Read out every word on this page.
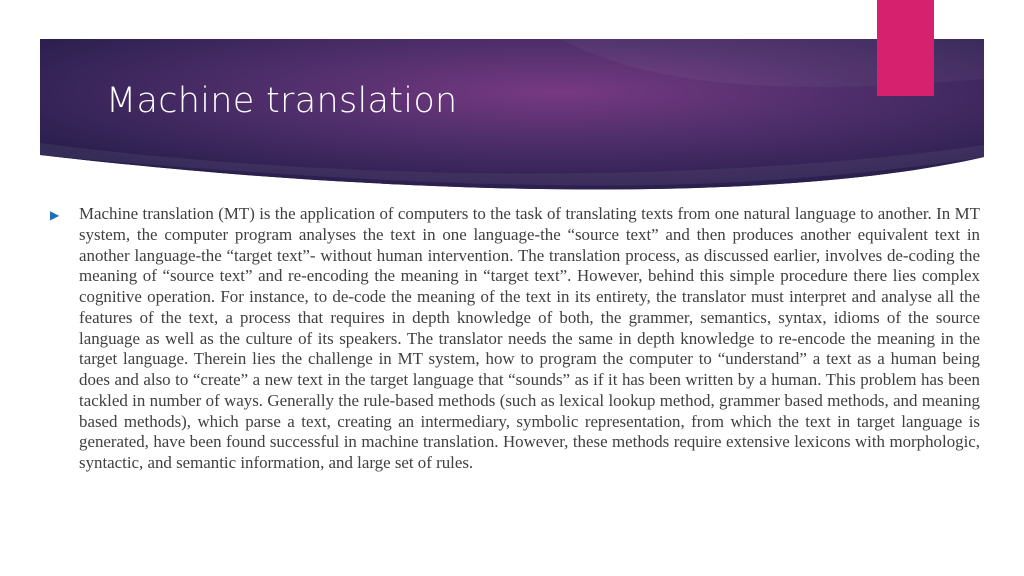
Machine translation
▶	Machine translation (MT) is the application of computers to the task of translating texts from one natural language to another. In MT system, the computer program analyses the text in one language-the “source text” and then produces another equivalent text in another language-the “target text”- without human intervention. The translation process, as discussed earlier, involves de-coding the meaning of “source text” and re-encoding the meaning in “target text”. However, behind this simple procedure there lies complex cognitive operation. For instance, to de-code the meaning of the text in its entirety, the translator must interpret and analyse all the features of the text, a process that requires in depth knowledge of both, the grammer, semantics, syntax, idioms of the source language as well as the culture of its speakers. The translator needs the same in depth knowledge to re-encode the meaning in the target language. Therein lies the challenge in MT system, how to program the computer to “understand” a text as a human being does and also to “create” a new text in the target language that “sounds” as if it has been written by a human. This problem has been tackled in number of ways. Generally the rule-based methods (such as lexical lookup method, grammer based methods, and meaning based methods), which parse a text, creating an intermediary, symbolic representation, from which the text in target language is generated, have been found successful in machine translation. However, these methods require extensive lexicons with morphologic, syntactic, and semantic information, and large set of rules.
